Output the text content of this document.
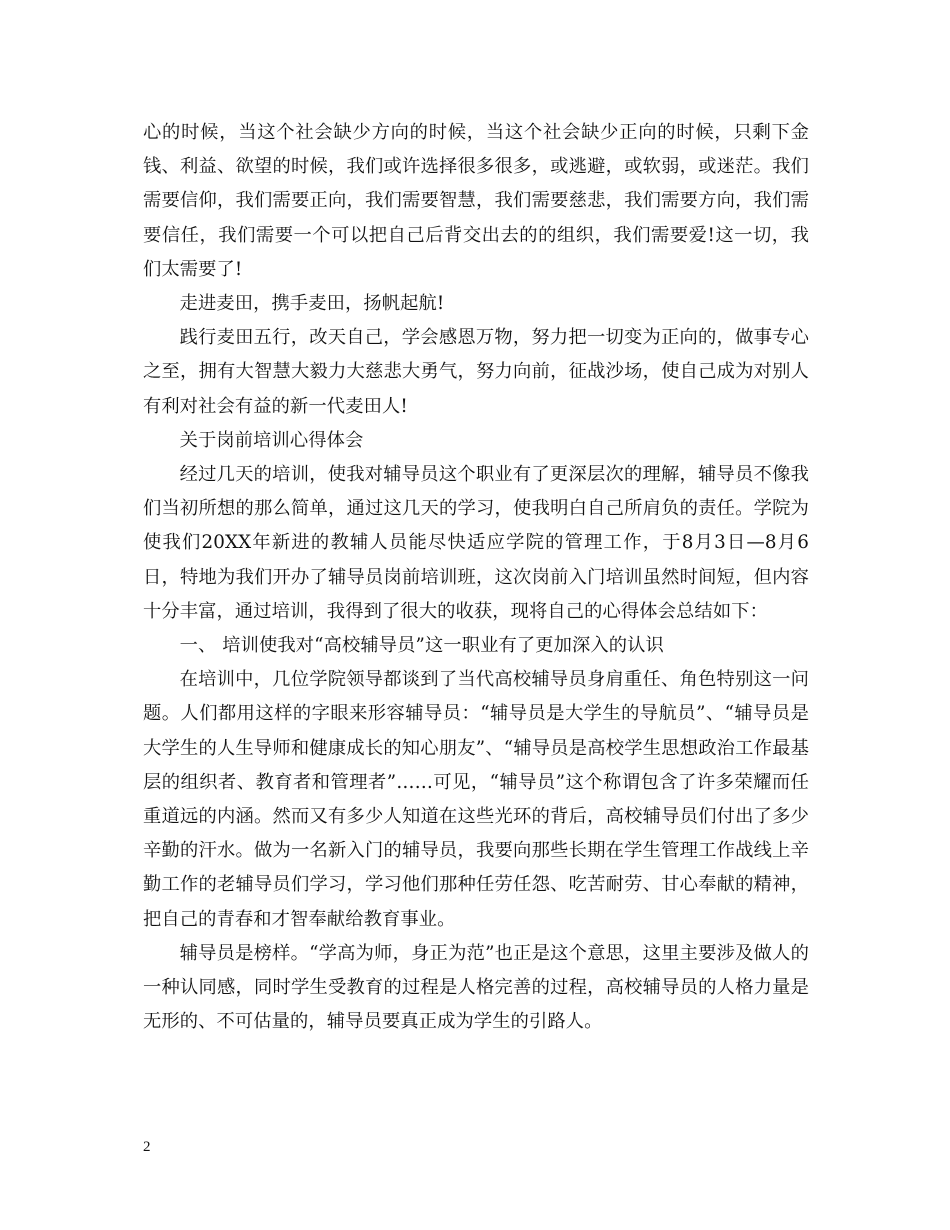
心的时候，当这个社会缺少方向的时候，当这个社会缺少正向的时候，只剩下金钱、利益、欲望的时候，我们或许选择很多很多，或逃避，或软弱，或迷茫。我们需要信仰，我们需要正向，我们需要智慧，我们需要慈悲，我们需要方向，我们需要信任，我们需要一个可以把自己后背交出去的的组织，我们需要爱!这一切，我们太需要了!

走进麦田，携手麦田，扬帆起航!

践行麦田五行，改天自己，学会感恩万物，努力把一切变为正向的，做事专心之至，拥有大智慧大毅力大慈悲大勇气，努力向前，征战沙场，使自己成为对别人有利对社会有益的新一代麦田人!

关于岗前培训心得体会

经过几天的培训，使我对辅导员这个职业有了更深层次的理解，辅导员不像我们当初所想的那么简单，通过这几天的学习，使我明白自己所肩负的责任。学院为使我们20XX年新进的教辅人员能尽快适应学院的管理工作，于8月3日—8月6日，特地为我们开办了辅导员岗前培训班，这次岗前入门培训虽然时间短，但内容十分丰富，通过培训，我得到了很大的收获，现将自己的心得体会总结如下：

一、 培训使我对“高校辅导员”这一职业有了更加深入的认识

在培训中，几位学院领导都谈到了当代高校辅导员身肩重任、角色特别这一问题。人们都用这样的字眼来形容辅导员：“辅导员是大学生的导航员”、“辅导员是大学生的人生导师和健康成长的知心朋友”、“辅导员是高校学生思想政治工作最基层的组织者、教育者和管理者”……可见，“辅导员”这个称谓包含了许多荣耀而任重道远的内涵。然而又有多少人知道在这些光环的背后，高校辅导员们付出了多少辛勤的汗水。做为一名新入门的辅导员，我要向那些长期在学生管理工作战线上辛勤工作的老辅导员们学习，学习他们那种任劳任怨、吃苦耐劳、甘心奉献的精神，把自己的青春和才智奉献给教育事业。

辅导员是榜样。“学高为师，身正为范”也正是这个意思，这里主要涉及做人的一种认同感，同时学生受教育的过程是人格完善的过程，高校辅导员的人格力量是无形的、不可估量的，辅导员要真正成为学生的引路人。

2
